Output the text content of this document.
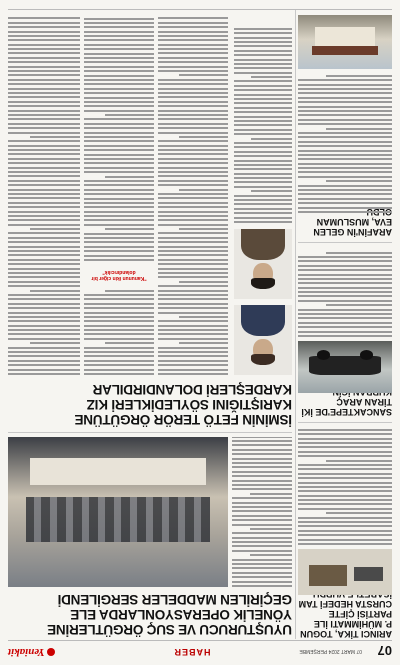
07
07 MART 2024 PERŞEMBE
HABER
Yeniakit
UYUŞTURUCU VE SUÇ ÖRGÜTLERİNE YÖNELİK OPERASYONLARDA ELE GEÇİRİLEN MADDELER SERGİLENDİ
İSMİNİN FETÖ TERÖR ÖRGÜTÜNE KARIŞTIĞINI SÖYLEDİKLERİ KIZ KARDEŞLERİ DOLANDIRDILAR
"Kanunun ikin ciğer bir dolandırıcılık"
ARINCI TİKA, TOGUN P. MÜHİMMATI İLE PARTİSİ ÇİFTE CURSTA HEDEFİ TAM
SANCAKTEPE'DE İKİ TİRAN ARAÇ
ARAFİN'İN GELEN EVA, MUSLUMAN
